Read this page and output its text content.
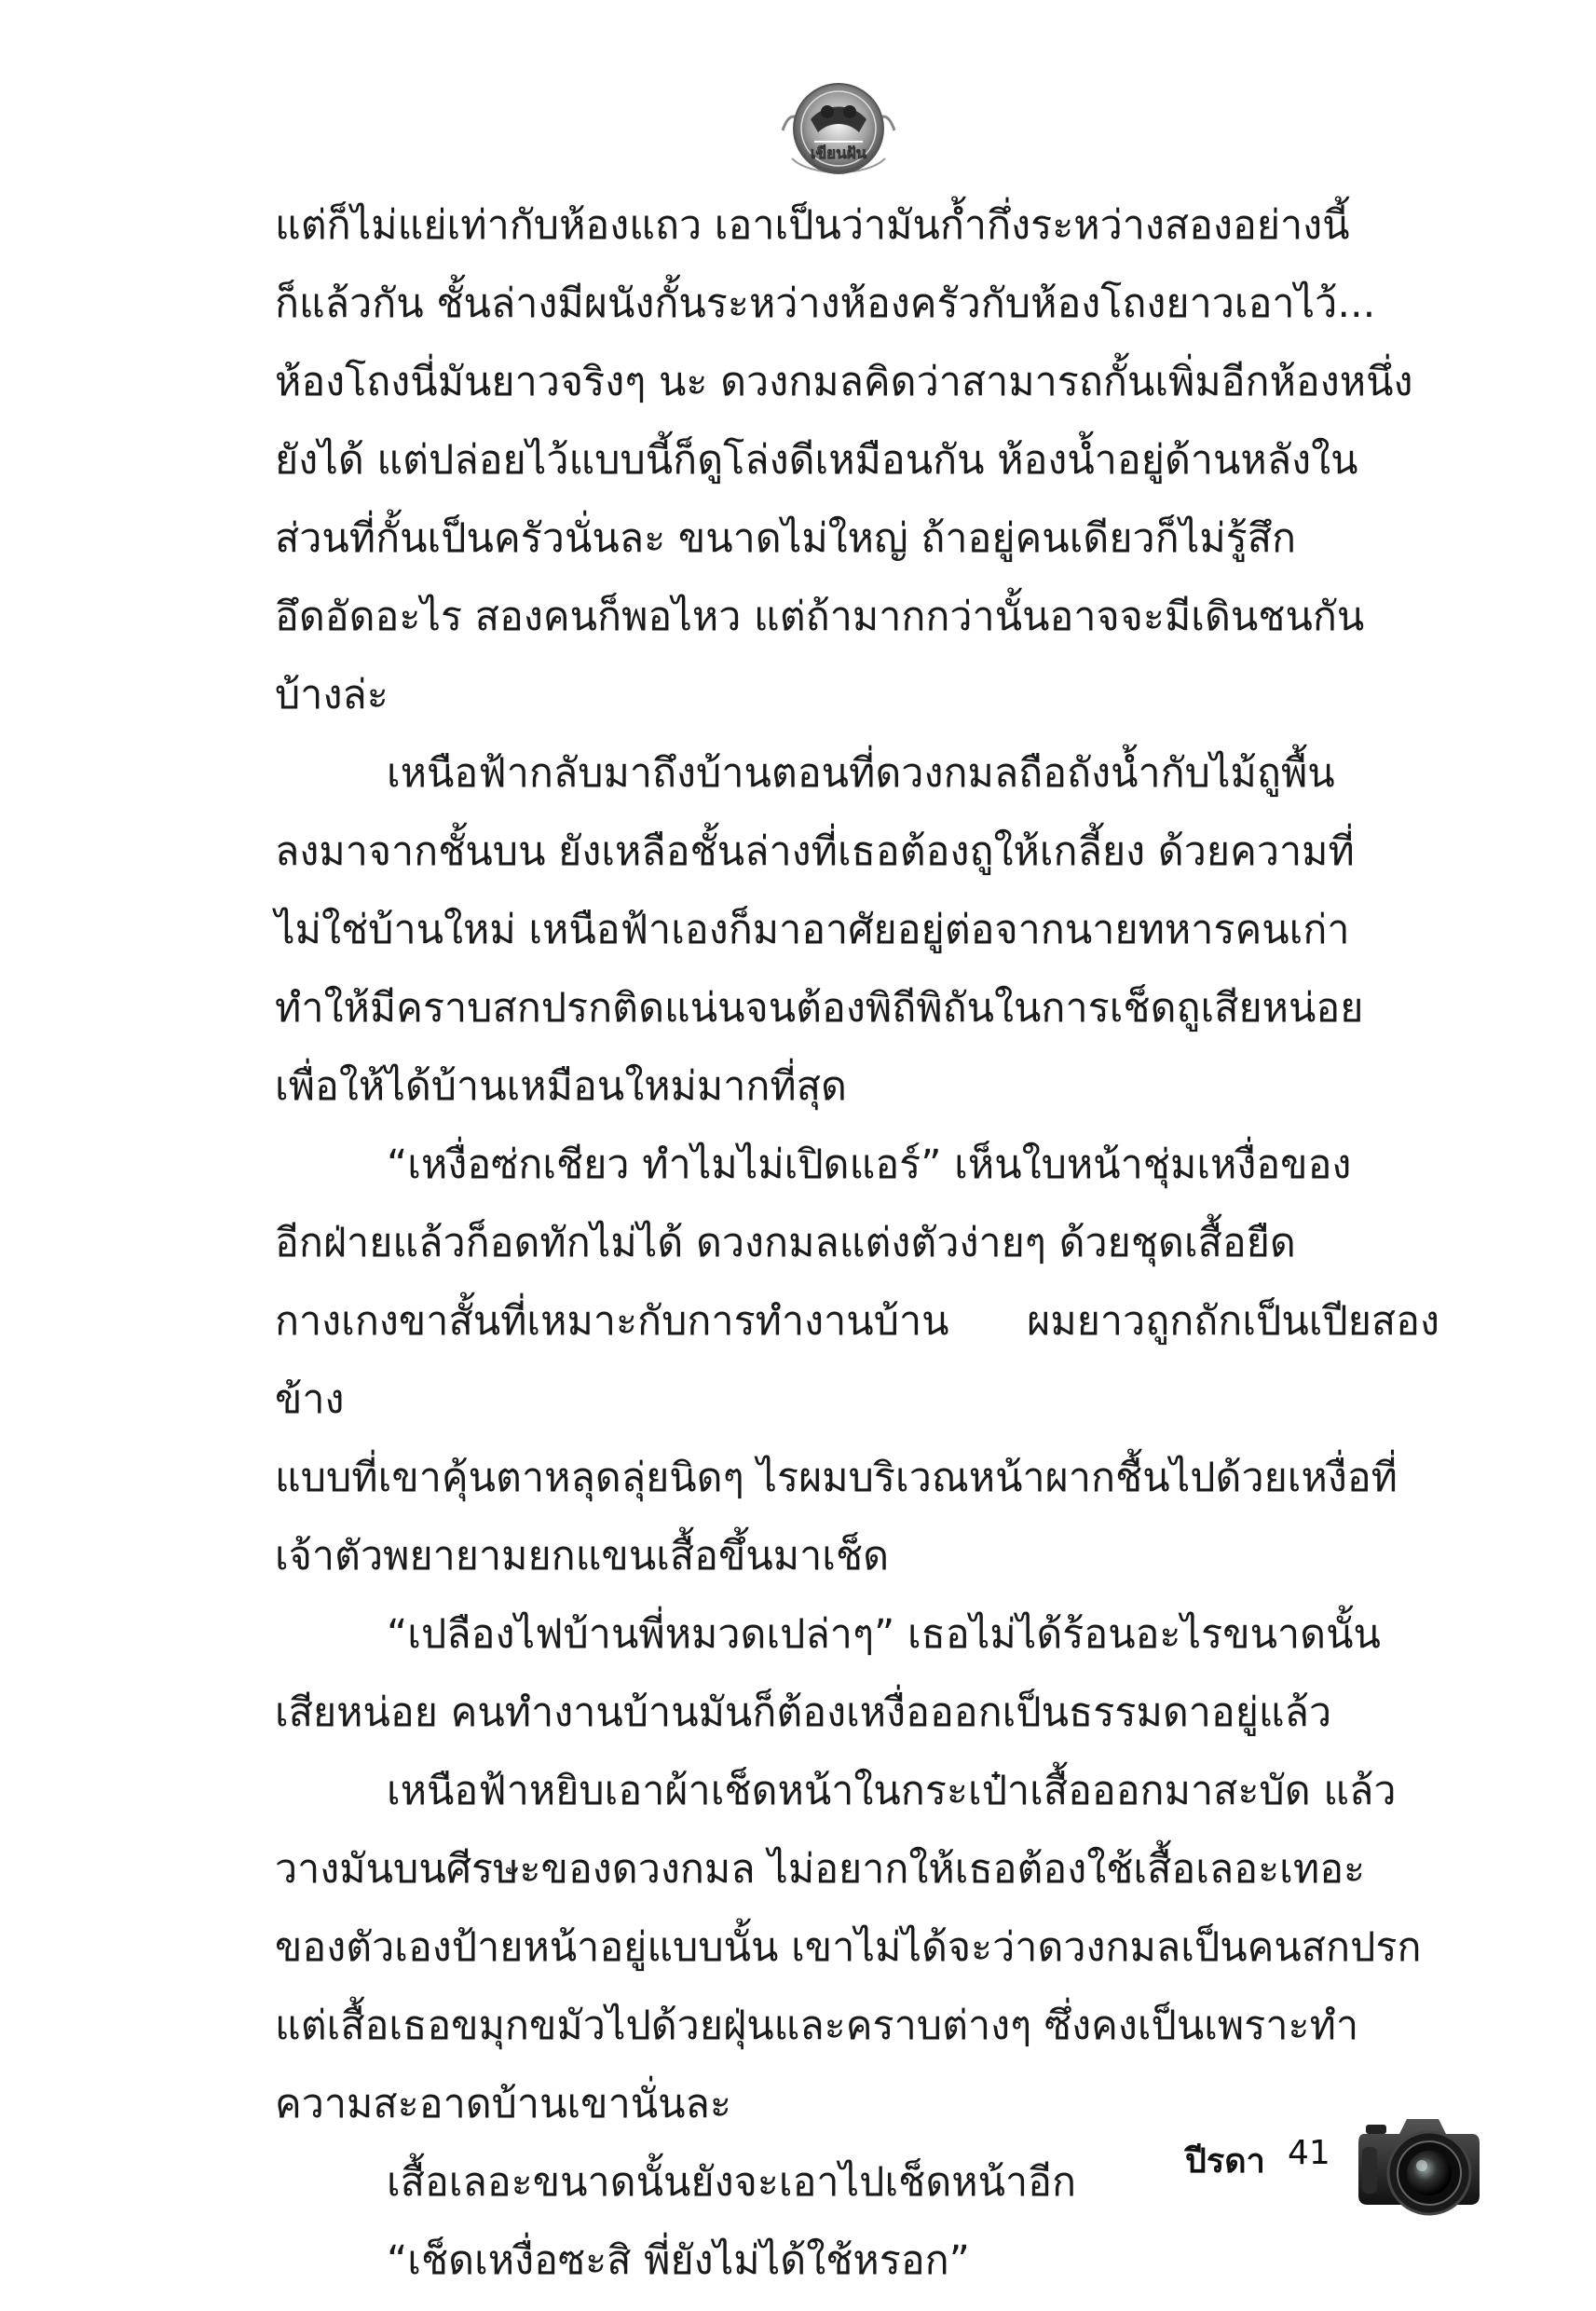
เขียนฝัน

แต่ก็ไม่แย่เท่ากับห้องแถว เอาเป็นว่ามันก้ำกึ่งระหว่างสองอย่างนี้
ก็แล้วกัน ชั้นล่างมีผนังกั้นระหว่างห้องครัวกับห้องโถงยาวเอาไว้...
ห้องโถงนี่มันยาวจริงๆ นะ ดวงกมลคิดว่าสามารถกั้นเพิ่มอีกห้องหนึ่ง
ยังได้ แต่ปล่อยไว้แบบนี้ก็ดูโล่งดีเหมือนกัน ห้องน้ำอยู่ด้านหลังใน
ส่วนที่กั้นเป็นครัวนั่นละ ขนาดไม่ใหญ่ ถ้าอยู่คนเดียวก็ไม่รู้สึก
อึดอัดอะไร สองคนก็พอไหว แต่ถ้ามากกว่านั้นอาจจะมีเดินชนกัน
บ้างล่ะ

เหนือฟ้ากลับมาถึงบ้านตอนที่ดวงกมลถือถังน้ำกับไม้ถูพื้น
ลงมาจากชั้นบน ยังเหลือชั้นล่างที่เธอต้องถูให้เกลี้ยง ด้วยความที่
ไม่ใช่บ้านใหม่ เหนือฟ้าเองก็มาอาศัยอยู่ต่อจากนายทหารคนเก่า
ทำให้มีคราบสกปรกติดแน่นจนต้องพิถีพิถันในการเช็ดถูเสียหน่อย
เพื่อให้ได้บ้านเหมือนใหม่มากที่สุด

“เหงื่อซ่กเชียว ทำไมไม่เปิดแอร์” เห็นใบหน้าชุ่มเหงื่อของ
อีกฝ่ายแล้วก็อดทักไม่ได้ ดวงกมลแต่งตัวง่ายๆ ด้วยชุดเสื้อยืด
กางเกงขาสั้นที่เหมาะกับการทำงานบ้าน ผมยาวถูกถักเป็นเปียสองข้าง
แบบที่เขาคุ้นตาหลุดลุ่ยนิดๆ ไรผมบริเวณหน้าผากชื้นไปด้วยเหงื่อที่
เจ้าตัวพยายามยกแขนเสื้อขึ้นมาเช็ด

“เปลืองไฟบ้านพี่หมวดเปล่าๆ” เธอไม่ได้ร้อนอะไรขนาดนั้น
เสียหน่อย คนทำงานบ้านมันก็ต้องเหงื่อออกเป็นธรรมดาอยู่แล้ว

เหนือฟ้าหยิบเอาผ้าเช็ดหน้าในกระเป๋าเสื้อออกมาสะบัด แล้ว
วางมันบนศีรษะของดวงกมล ไม่อยากให้เธอต้องใช้เสื้อเลอะเทอะ
ของตัวเองป้ายหน้าอยู่แบบนั้น เขาไม่ได้จะว่าดวงกมลเป็นคนสกปรก
แต่เสื้อเธอขมุกขมัวไปด้วยฝุ่นและคราบต่างๆ ซึ่งคงเป็นเพราะทำ
ความสะอาดบ้านเขานั่นละ

เสื้อเลอะขนาดนั้นยังจะเอาไปเช็ดหน้าอีก

“เช็ดเหงื่อซะสิ พี่ยังไม่ได้ใช้หรอก”

ปีรดา 41
